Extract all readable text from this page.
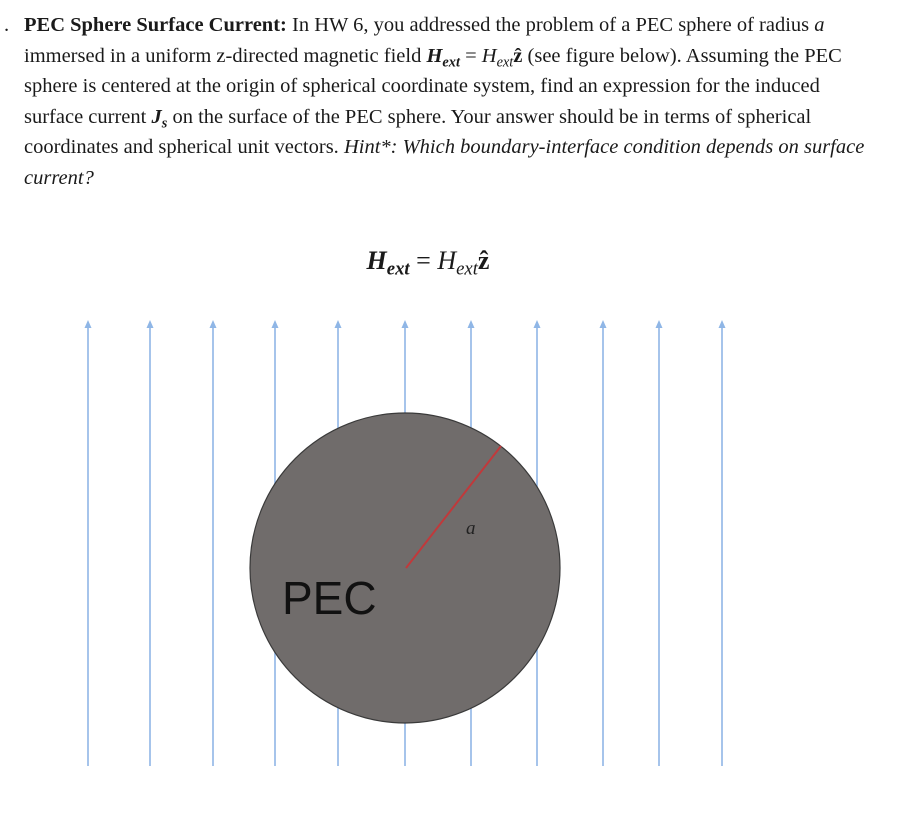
. PEC Sphere Surface Current: In HW 6, you addressed the problem of a PEC sphere of radius a immersed in a uniform z-directed magnetic field $H_{ext}$ = $H_{ext}ẑ$ (see figure below). Assuming the PEC sphere is centered at the origin of spherical coordinate system, find an expression for the induced surface current $J_s$ on the surface of the PEC sphere. Your answer should be in terms of spherical coordinates and spherical unit vectors. Hint*: Which boundary-interface condition depends on surface current?
$H_{ext}$ = $H_{ext}ẑ$
a
PEC
